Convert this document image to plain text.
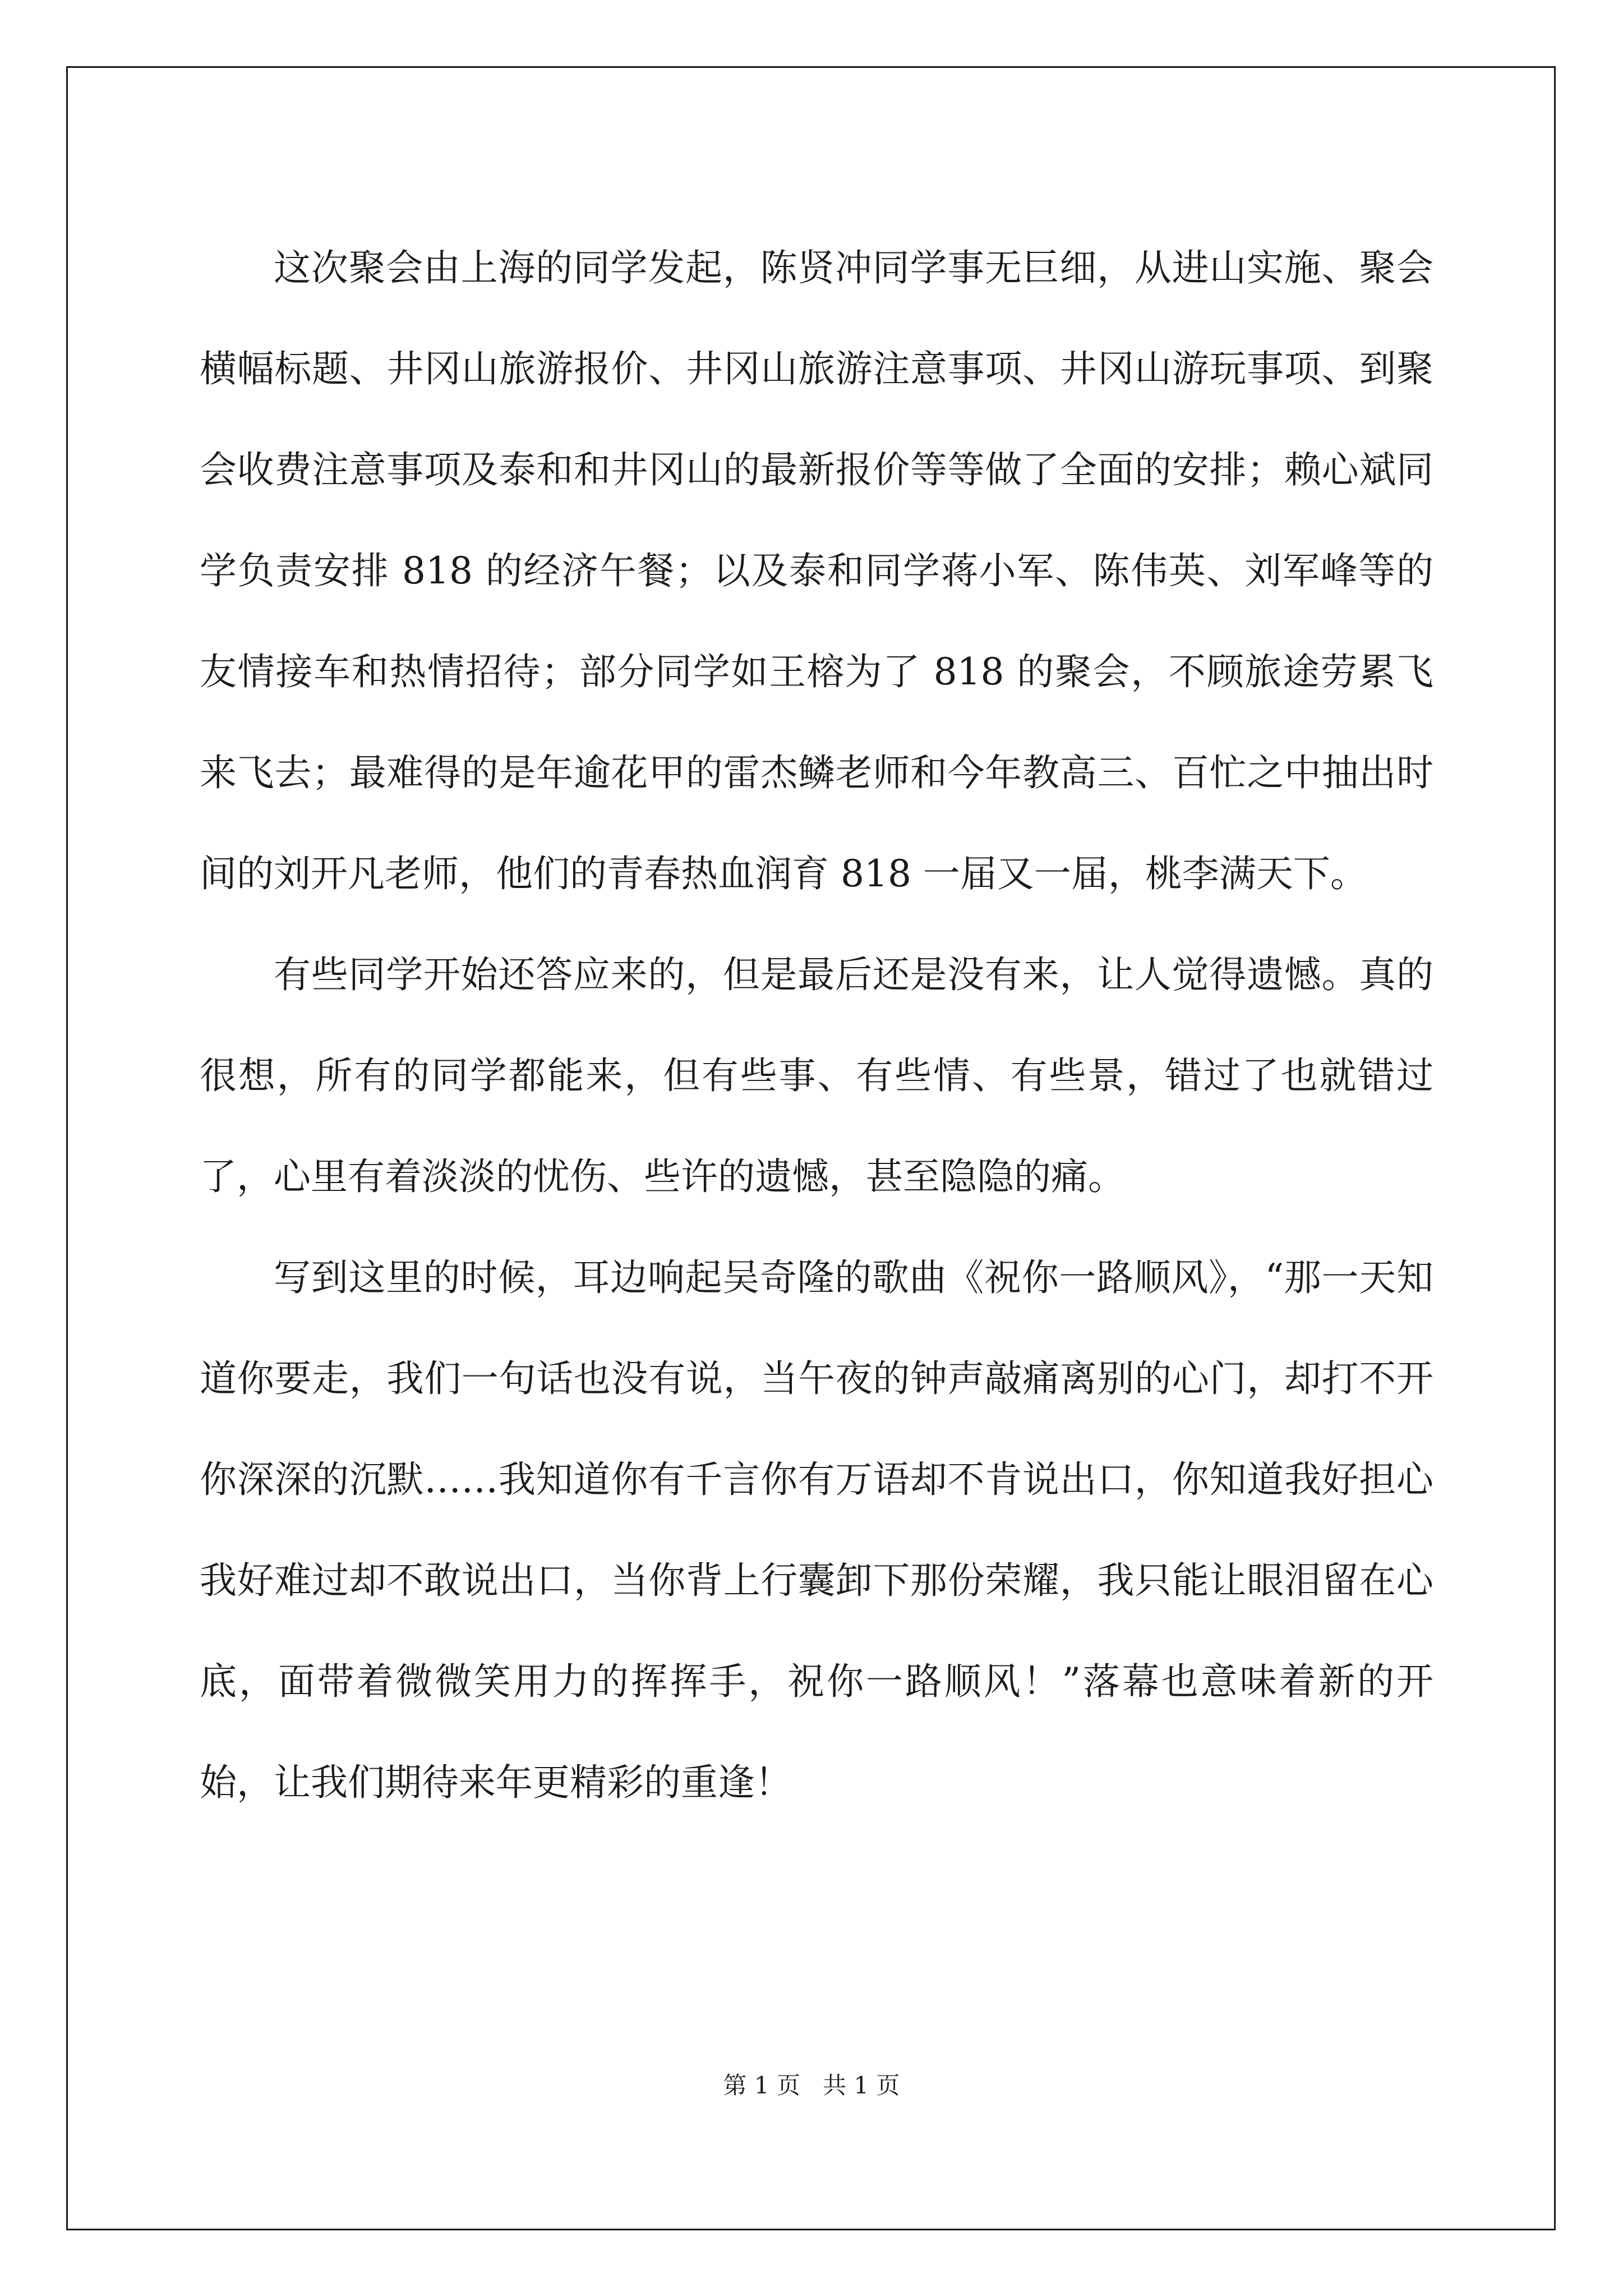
这次聚会由上海的同学发起，陈贤冲同学事无巨细，从进山实施、聚会横幅标题、井冈山旅游报价、井冈山旅游注意事项、井冈山游玩事项、到聚会收费注意事项及泰和和井冈山的最新报价等等做了全面的安排；赖心斌同学负责安排 818 的经济午餐；以及泰和同学蒋小军、陈伟英、刘军峰等的友情接车和热情招待；部分同学如王榕为了 818 的聚会，不顾旅途劳累飞来飞去；最难得的是年逾花甲的雷杰鳞老师和今年教高三、百忙之中抽出时间的刘开凡老师，他们的青春热血润育 818 一届又一届，桃李满天下。

有些同学开始还答应来的，但是最后还是没有来，让人觉得遗憾。真的很想，所有的同学都能来，但有些事、有些情、有些景，错过了也就错过了，心里有着淡淡的忧伤、些许的遗憾，甚至隐隐的痛。

写到这里的时候，耳边响起吴奇隆的歌曲《祝你一路顺风》，“那一天知道你要走，我们一句话也没有说，当午夜的钟声敲痛离别的心门，却打不开你深深的沉默……我知道你有千言你有万语却不肯说出口，你知道我好担心我好难过却不敢说出口，当你背上行囊卸下那份荣耀，我只能让眼泪留在心底，面带着微微笑用力的挥挥手，祝你一路顺风！”落幕也意味着新的开始，让我们期待来年更精彩的重逢！

第 1 页 共 1 页
